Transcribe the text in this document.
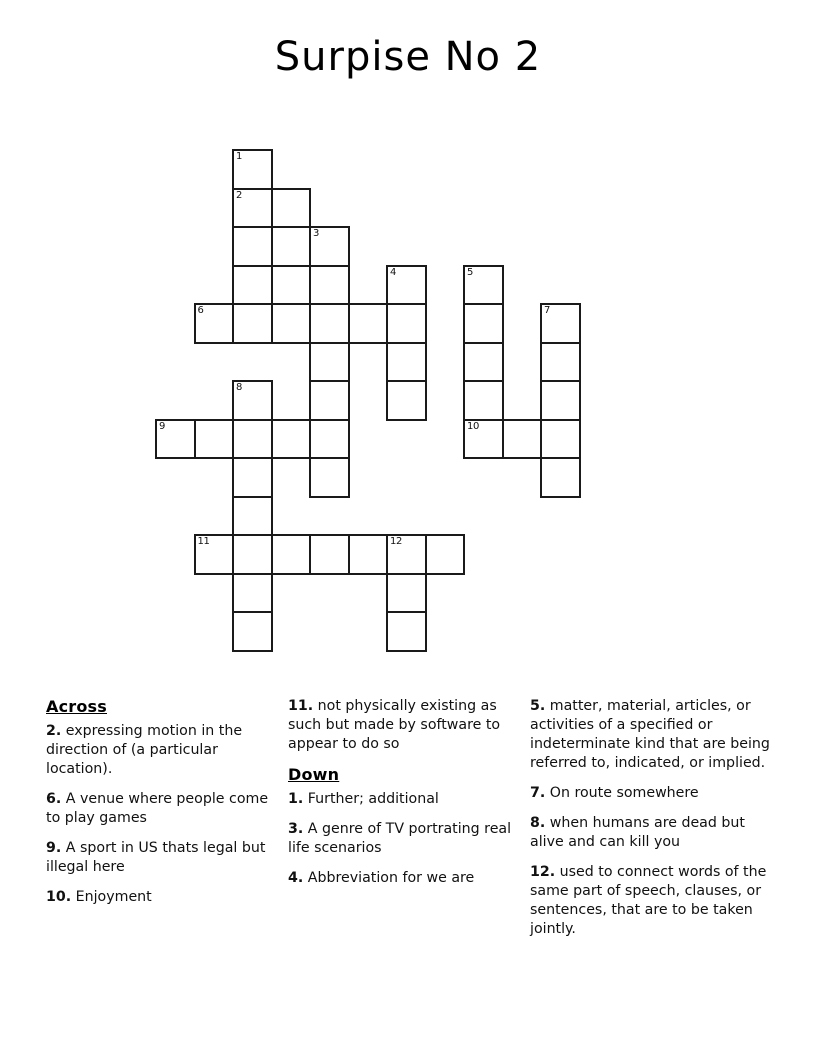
Surpise No 2
1
2
3
4	5
6	7
8
9	10
11	12
Across
2. expressing motion in the direction of (a particular location).
6. A venue where people come to play games
9. A sport in US thats legal but illegal here
10. Enjoyment
11. not physically existing as such but made by software to appear to do so
Down
1. Further; additional
3. A genre of TV portrating real life scenarios
4. Abbreviation for we are
5. matter, material, articles, or activities of a specified or indeterminate kind that are being referred to, indicated, or implied.
7. On route somewhere
8. when humans are dead but alive and can kill you
12. used to connect words of the same part of speech, clauses, or sentences, that are to be taken jointly.
